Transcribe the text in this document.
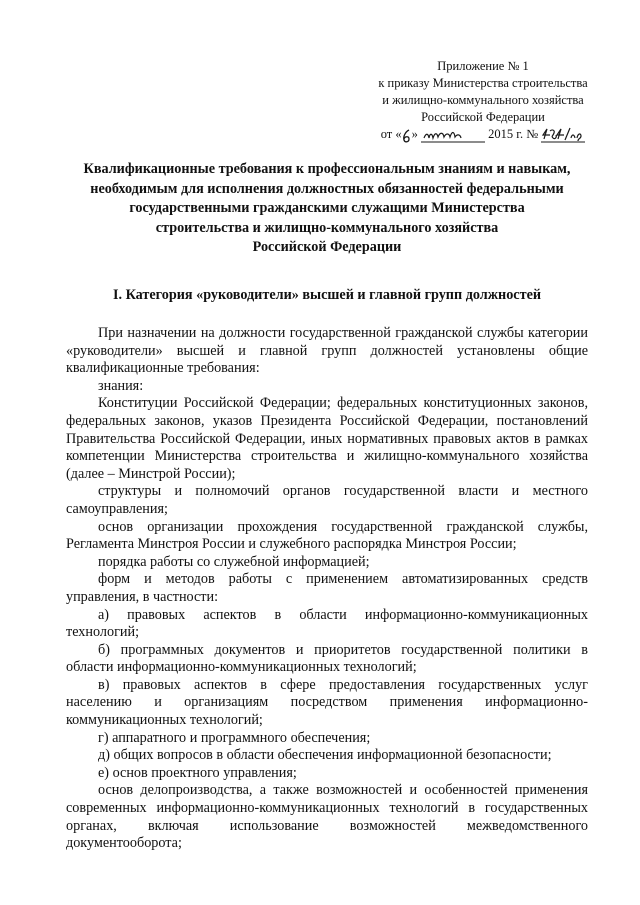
Приложение № 1
к приказу Министерства строительства
и жилищно-коммунального хозяйства
Российской Федерации
от « »	2015 г. №
Квалификационные требования к профессиональным знаниям и навыкам,
необходимым для исполнения должностных обязанностей федеральными
государственными гражданскими служащими Министерства
строительства и жилищно-коммунального хозяйства
Российской Федерации
I. Категория «руководители» высшей и главной групп должностей

При назначении на должности государственной гражданской службы категории «руководители» высшей и главной групп должностей установлены общие квалификационные требования:

знания:

Конституции Российской Федерации; федеральных конституционных законов, федеральных законов, указов Президента Российской Федерации, постановлений Правительства Российской Федерации, иных нормативных правовых актов в рамках компетенции Министерства строительства и жилищно-коммунального хозяйства (далее – Минстрой России);

структуры и полномочий органов государственной власти и местного самоуправления;

основ организации прохождения государственной гражданской службы, Регламента Минстроя России и служебного распорядка Минстроя России;

порядка работы со служебной информацией;

форм и методов работы с применением автоматизированных средств управления, в частности:

а) правовых аспектов в области информационно-коммуникационных технологий;

б) программных документов и приоритетов государственной политики в области информационно-коммуникационных технологий;

в) правовых аспектов в сфере предоставления государственных услуг населению и организациям посредством применения информационно-коммуникационных технологий;

г) аппаратного и программного обеспечения;

д) общих вопросов в области обеспечения информационной безопасности;

е) основ проектного управления;

основ делопроизводства, а также возможностей и особенностей применения современных информационно-коммуникационных технологий в государственных органах, включая использование возможностей межведомственного документооборота;
